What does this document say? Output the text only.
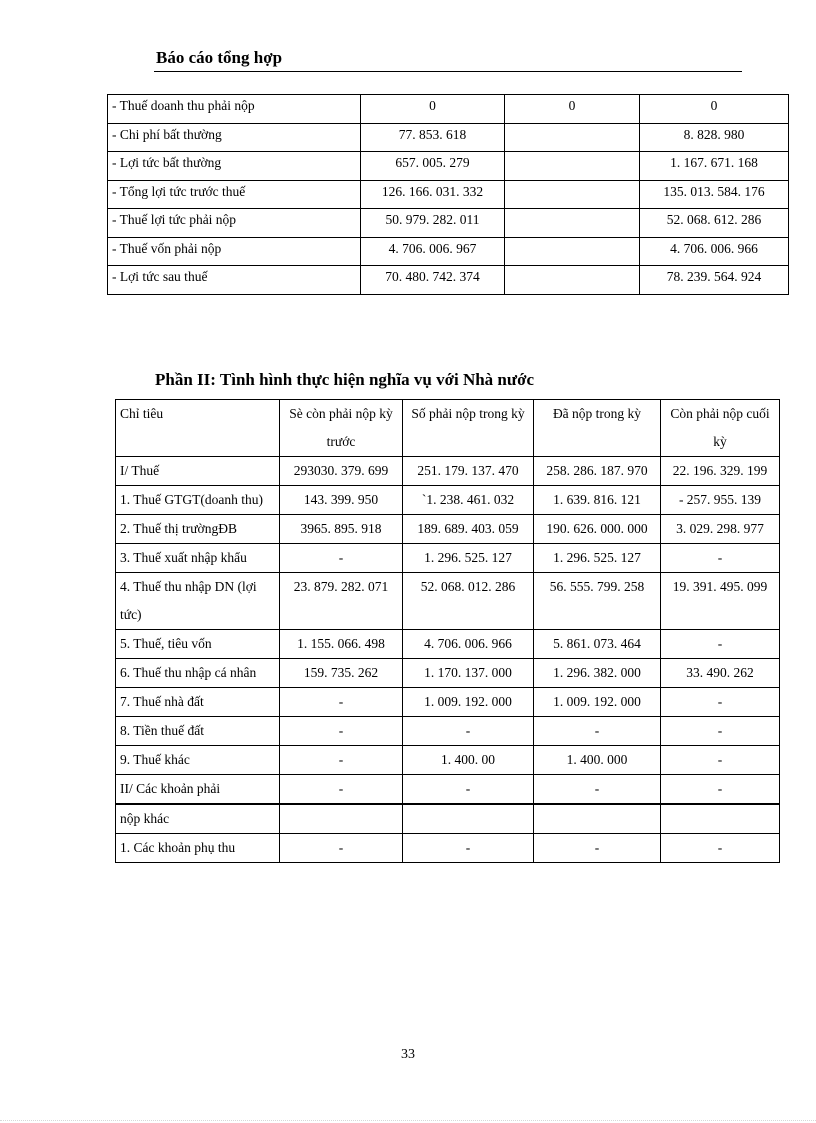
Báo cáo tổng hợp
- Thuế doanh thu phải nộp	0	0	0
- Chi phí bất thường	77. 853. 618		8. 828. 980
- Lợi tức bất thường	657. 005. 279		1. 167. 671. 168
- Tổng lợi tức trước thuế	126. 166. 031. 332		135. 013. 584. 176
- Thuế lợi tức phải nộp	50. 979. 282. 011		52. 068. 612. 286
- Thuế vốn phải nộp	4. 706. 006. 967		4. 706. 006. 966
- Lợi tức sau thuế	70. 480. 742. 374		78. 239. 564. 924
Phần II: Tình hình thực hiện nghĩa vụ với Nhà nước
Chỉ tiêu	Sè còn phải nộp kỳ trước	Số phải nộp trong kỳ	Đã nộp trong kỳ	Còn phải nộp cuối kỳ
I/ Thuế	293030. 379. 699	251. 179. 137. 470	258. 286. 187. 970	22. 196. 329. 199
1. Thuế GTGT(doanh thu)	143. 399. 950	`1. 238. 461. 032	1. 639. 816. 121	- 257. 955. 139
2. Thuế thị trườngĐB	3965. 895. 918	189. 689. 403. 059	190. 626. 000. 000	3. 029. 298. 977
3. Thuế xuất nhập khẩu	-	1. 296. 525. 127	1. 296. 525. 127	-
4. Thuế thu nhập DN (lợi tức)	23. 879. 282. 071	52. 068. 012. 286	56. 555. 799. 258	19. 391. 495. 099
5. Thuế, tiêu vốn	1. 155. 066. 498	4. 706. 006. 966	5. 861. 073. 464	-
6. Thuế thu nhập cá nhân	159. 735. 262	1. 170. 137. 000	1. 296. 382. 000	33. 490. 262
7. Thuế nhà đất	-	1. 009. 192. 000	1. 009. 192. 000	-
8. Tiền thuế đất	-	-	-	-
9. Thuế khác	-	1. 400. 00	1. 400. 000	-
II/ Các khoản phải	-	-	-	-
nộp khác				
1. Các khoản phụ thu	-	-	-	-
33
